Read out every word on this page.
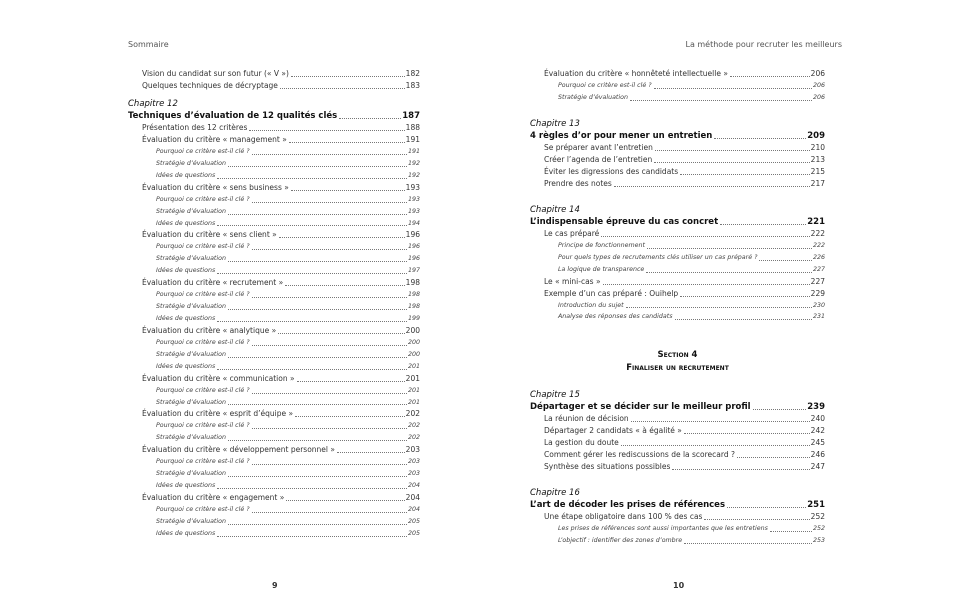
Sommaire	La méthode pour recruter les meilleurs
Vision du candidat sur son futur (« V »)	182
Quelques techniques de décryptage	183
Chapitre 12
Techniques d’évaluation de 12 qualités clés	187
Présentation des 12 critères	188
Évaluation du critère « management »	191
Pourquoi ce critère est-il clé ?	191
Stratégie d’évaluation	192
Idées de questions	192
Évaluation du critère « sens business »	193
Pourquoi ce critère est-il clé ?	193
Stratégie d’évaluation	193
Idées de questions	194
Évaluation du critère « sens client »	196
Pourquoi ce critère est-il clé ?	196
Stratégie d’évaluation	196
Idées de questions	197
Évaluation du critère « recrutement »	198
Pourquoi ce critère est-il clé ?	198
Stratégie d’évaluation	198
Idées de questions	199
Évaluation du critère « analytique »	200
Pourquoi ce critère est-il clé ?	200
Stratégie d’évaluation	200
Idées de questions	201
Évaluation du critère « communication »	201
Pourquoi ce critère est-il clé ?	201
Stratégie d’évaluation	201
Évaluation du critère « esprit d’équipe »	202
Pourquoi ce critère est-il clé ?	202
Stratégie d’évaluation	202
Évaluation du critère « développement personnel »	203
Pourquoi ce critère est-il clé ?	203
Stratégie d’évaluation	203
Idées de questions	204
Évaluation du critère « engagement »	204
Pourquoi ce critère est-il clé ?	204
Stratégie d’évaluation	205
Idées de questions	205
Évaluation du critère « honnêteté intellectuelle »	206
Pourquoi ce critère est-il clé ?	206
Stratégie d’évaluation	206
Chapitre 13
4 règles d’or pour mener un entretien	209
Se préparer avant l’entretien	210
Créer l’agenda de l’entretien	213
Éviter les digressions des candidats	215
Prendre des notes	217
Chapitre 14
L’indispensable épreuve du cas concret	221
Le cas préparé	222
Principe de fonctionnement	222
Pour quels types de recrutements clés utiliser un cas préparé ?	226
La logique de transparence	227
Le « mini-cas »	227
Exemple d’un cas préparé : Ouihelp	229
Introduction du sujet	230
Analyse des réponses des candidats	231
Section 4
Finaliser un recrutement
Chapitre 15
Départager et se décider sur le meilleur profil	239
La réunion de décision	240
Départager 2 candidats « à égalité »	242
La gestion du doute	245
Comment gérer les rediscussions de la scorecard ?	246
Synthèse des situations possibles	247
Chapitre 16
L’art de décoder les prises de références	251
Une étape obligatoire dans 100 % des cas	252
Les prises de références sont aussi importantes que les entretiens	252
L’objectif : identifier des zones d’ombre	253
9	10
